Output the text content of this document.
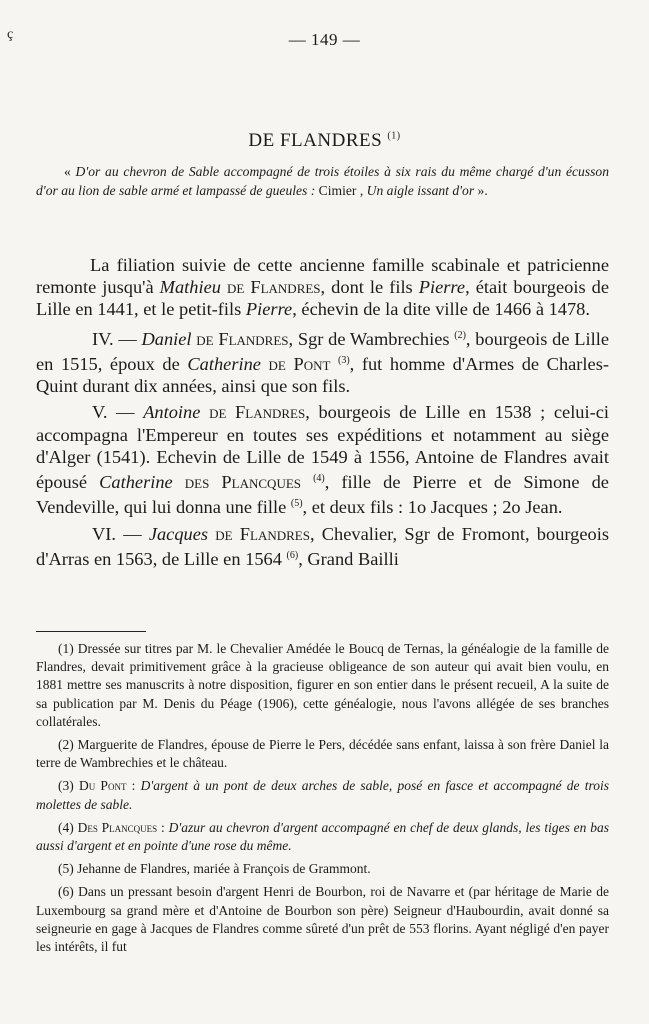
ç	— 149 —
DE FLANDRES $^{(1)}$
« D'or au chevron de Sable accompagné de trois étoiles à six rais du même chargé d'un écusson d'or au lion de sable armé et lampassé de gueules : Cimier , Un aigle issant d'or ».

La filiation suivie de cette ancienne famille scabinale et patricienne remonte jusqu'à Mathieu de Flandres, dont le fils Pierre, était bourgeois de Lille en 1441, et le petit-fils Pierre, échevin de la dite ville de 1466 à 1478.

IV. — Daniel de Flandres, Sgr de Wambrechies $^{(2)}$, bourgeois de Lille en 1515, époux de Catherine de Pont $^{(3)}$, fut homme d'Armes de Charles-Quint durant dix années, ainsi que son fils.

V. — Antoine de Flandres, bourgeois de Lille en 1538 ; celui-ci accompagna l'Empereur en toutes ses expéditions et notamment au siège d'Alger (1541). Echevin de Lille de 1549 à 1556, Antoine de Flandres avait épousé Catherine des Plancques $^{(4)}$, fille de Pierre et de Simone de Vendeville, qui lui donna une fille $^{(5)}$, et deux fils : 1o Jacques ; 2o Jean.

VI. — Jacques de Flandres, Chevalier, Sgr de Fromont, bourgeois d'Arras en 1563, de Lille en 1564 $^{(6)}$, Grand Bailli

(1) Dressée sur titres par M. le Chevalier Amédée le Boucq de Ternas, la généalogie de la famille de Flandres, devait primitivement grâce à la gracieuse obligeance de son auteur qui avait bien voulu, en 1881 mettre ses manuscrits à notre disposition, figurer en son entier dans le présent recueil, A la suite de sa publication par M. Denis du Péage (1906), cette généalogie, nous l'avons allégée de ses branches collatérales.

(2) Marguerite de Flandres, épouse de Pierre le Pers, décédée sans enfant, laissa à son frère Daniel la terre de Wambrechies et le château.

(3) Du Pont : D'argent à un pont de deux arches de sable, posé en fasce et accompagné de trois molettes de sable.

(4) Des Plancques : D'azur au chevron d'argent accompagné en chef de deux glands, les tiges en bas aussi d'argent et en pointe d'une rose du même.

(5) Jehanne de Flandres, mariée à François de Grammont.

(6) Dans un pressant besoin d'argent Henri de Bourbon, roi de Navarre et (par héritage de Marie de Luxembourg sa grand mère et d'Antoine de Bourbon son père) Seigneur d'Haubourdin, avait donné sa seigneurie en gage à Jacques de Flandres comme sûreté d'un prêt de 553 florins. Ayant négligé d'en payer les intérêts, il fut
